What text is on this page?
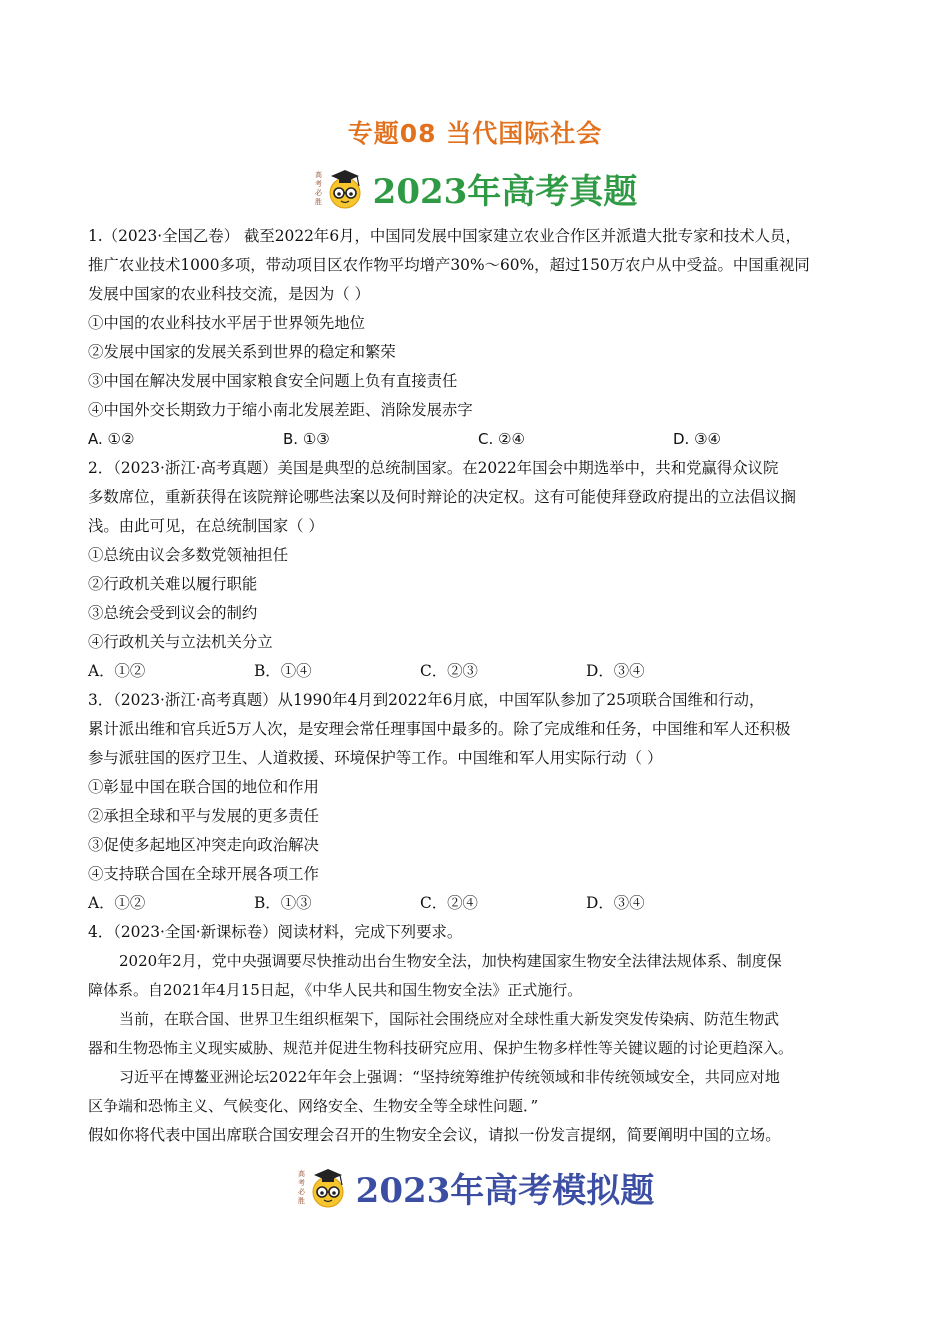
专题08 当代国际社会
高
考
必
胜 2023年高考真题

1.（2023·全国乙卷） 截至2022年6月，中国同发展中国家建立农业合作区并派遣大批专家和技术人员，

推广农业技术1000多项，带动项目区农作物平均增产30%～60%，超过150万农户从中受益。中国重视同

发展中国家的农业科技交流，是因为（ ）

①中国的农业科技水平居于世界领先地位

②发展中国家的发展关系到世界的稳定和繁荣

③中国在解决发展中国家粮食安全问题上负有直接责任

④中国外交长期致力于缩小南北发展差距、消除发展赤字

A. ①②	B. ①③	C. ②④	D. ③④

2．（2023·浙江·高考真题）美国是典型的总统制国家。在2022年国会中期选举中，共和党赢得众议院

多数席位，重新获得在该院辩论哪些法案以及何时辩论的决定权。这有可能使拜登政府提出的立法倡议搁

浅。由此可见，在总统制国家（ ）

①总统由议会多数党领袖担任

②行政机关难以履行职能

③总统会受到议会的制约

④行政机关与立法机关分立

A．①②	B．①④	C．②③	D．③④

3．（2023·浙江·高考真题）从1990年4月到2022年6月底，中国军队参加了25项联合国维和行动，

累计派出维和官兵近5万人次，是安理会常任理事国中最多的。除了完成维和任务，中国维和军人还积极

参与派驻国的医疗卫生、人道救援、环境保护等工作。中国维和军人用实际行动（ ）

①彰显中国在联合国的地位和作用

②承担全球和平与发展的更多责任

③促使多起地区冲突走向政治解决

④支持联合国在全球开展各项工作

A．①②	B．①③	C．②④	D．③④

4．（2023·全国·新课标卷）阅读材料，完成下列要求。

2020年2月，党中央强调要尽快推动出台生物安全法，加快构建国家生物安全法律法规体系、制度保

障体系。自2021年4月15日起，《中华人民共和国生物安全法》正式施行。

当前，在联合国、世界卫生组织框架下，国际社会围绕应对全球性重大新发突发传染病、防范生物武

器和生物恐怖主义现实威胁、规范并促进生物科技研究应用、保护生物多样性等关键议题的讨论更趋深入。

习近平在博鳌亚洲论坛2022年年会上强调：“坚持统筹维护传统领域和非传统领域安全，共同应对地

区争端和恐怖主义、气候变化、网络安全、生物安全等全球性问题．”

假如你将代表中国出席联合国安理会召开的生物安全会议，请拟一份发言提纲，简要阐明中国的立场。

高
考
必
胜 2023年高考模拟题
